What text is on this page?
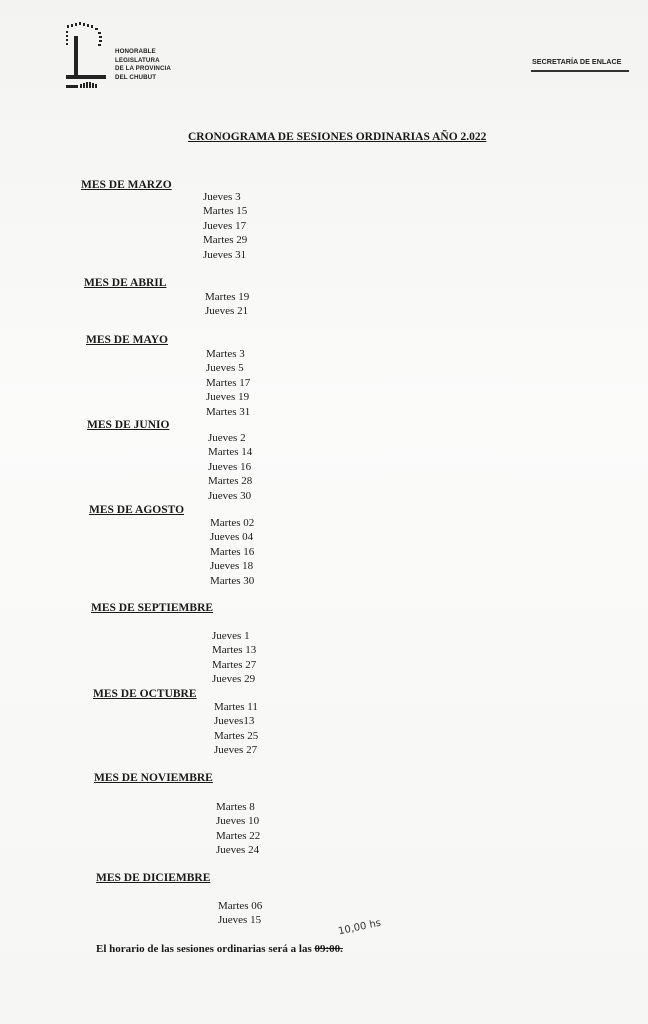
HONORABLE
LEGISLATURA
DE LA PROVINCIA
DEL CHUBUT
SECRETARÍA DE ENLACE
CRONOGRAMA DE SESIONES ORDINARIAS AÑO 2.022
MES DE MARZO
Jueves 3
Martes 15
Jueves 17
Martes 29
Jueves 31
MES DE ABRIL
Martes 19
Jueves 21
MES DE MAYO
Martes 3
Jueves 5
Martes 17
Jueves 19
Martes 31
MES DE JUNIO
Jueves 2
Martes 14
Jueves 16
Martes 28
Jueves 30
MES DE AGOSTO
Martes 02
Jueves 04
Martes 16
Jueves 18
Martes 30
MES DE SEPTIEMBRE
Jueves 1
Martes 13
Martes 27
Jueves 29
MES DE OCTUBRE
Martes 11
Jueves13
Martes 25
Jueves 27
MES DE NOVIEMBRE
Martes 8
Jueves 10
Martes 22
Jueves 24
MES DE DICIEMBRE
Martes 06
Jueves 15
El horario de las sesiones ordinarias será a las 09:00.
10,00 hs
